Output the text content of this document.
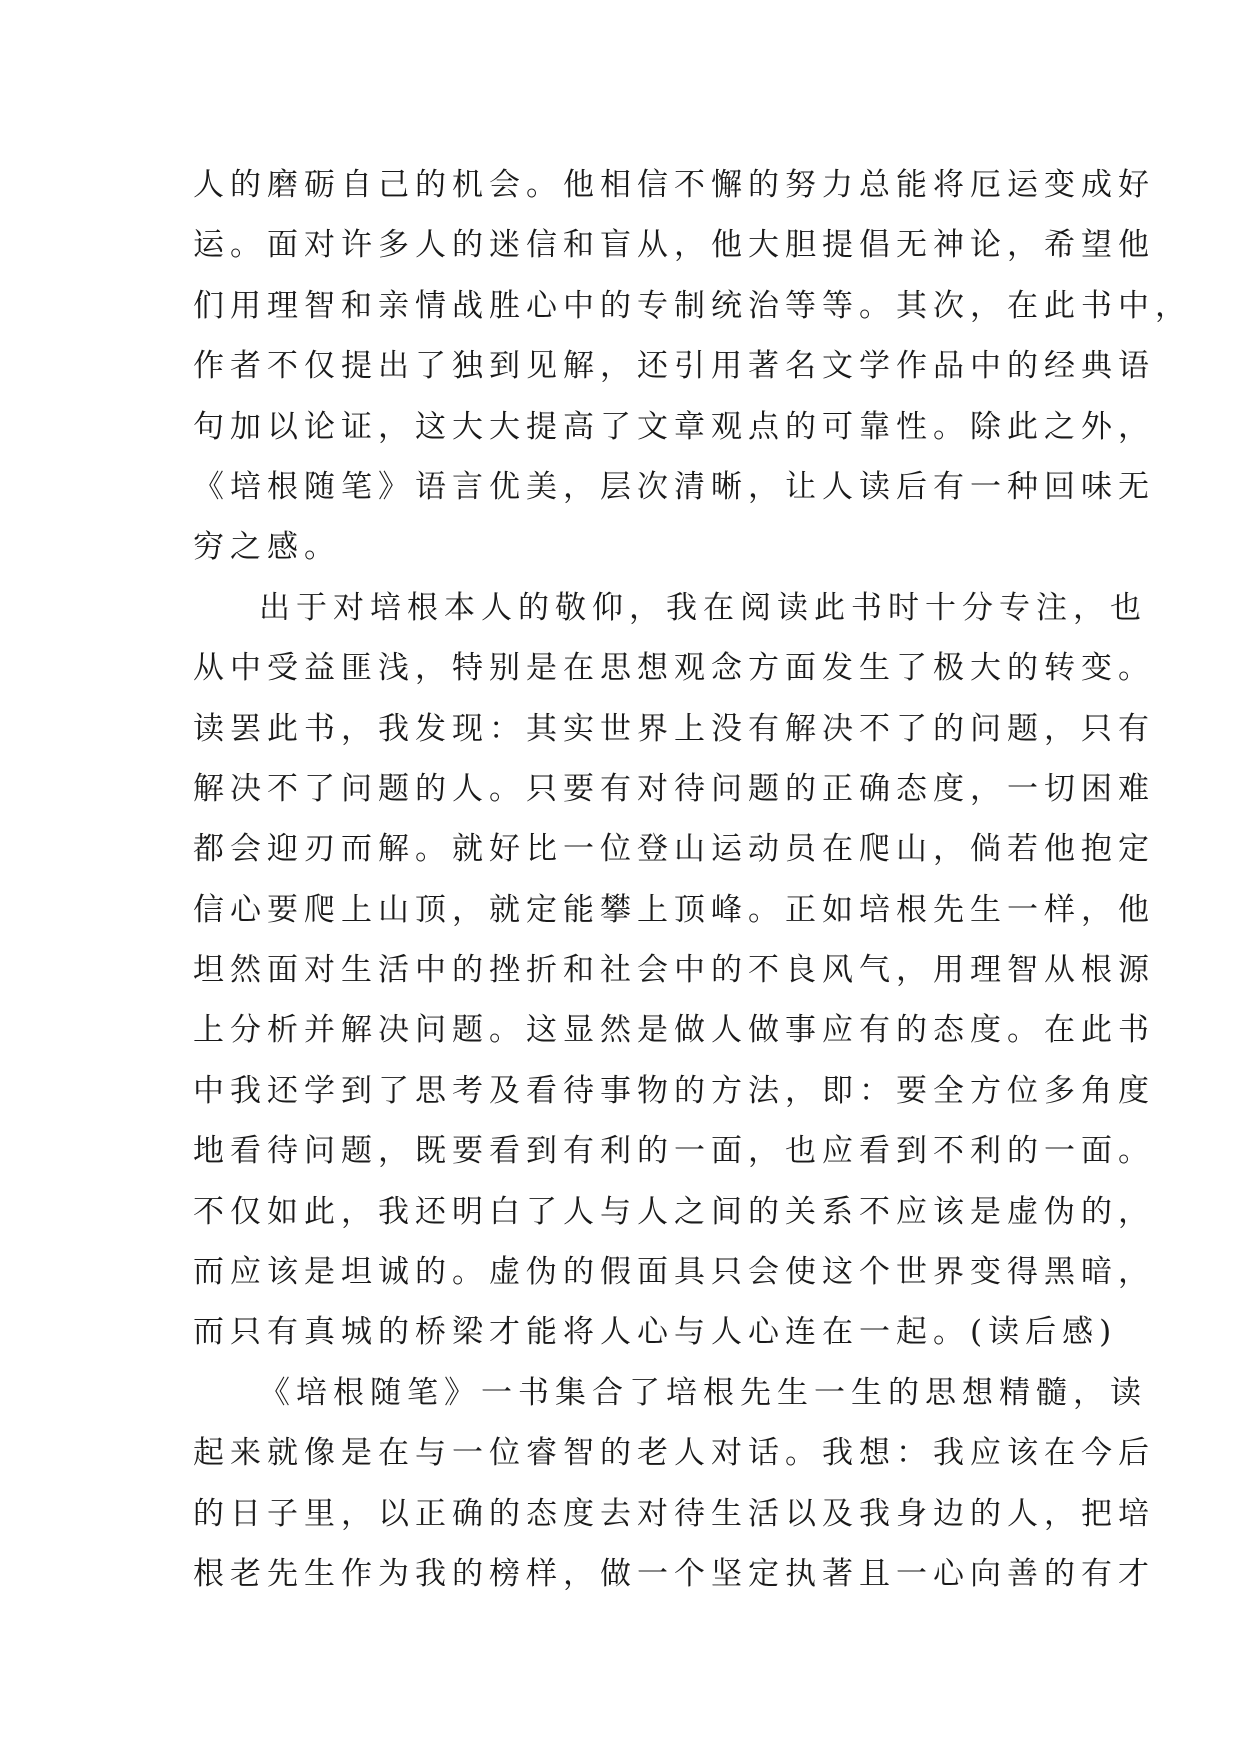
人的磨砺自己的机会。他相信不懈的努力总能将厄运变成好
运。面对许多人的迷信和盲从，他大胆提倡无神论，希望他
们用理智和亲情战胜心中的专制统治等等。其次，在此书中，
作者不仅提出了独到见解，还引用著名文学作品中的经典语
句加以论证，这大大提高了文章观点的可靠性。除此之外，
《培根随笔》语言优美，层次清晰，让人读后有一种回味无
穷之感。
出于对培根本人的敬仰，我在阅读此书时十分专注，也
从中受益匪浅，特别是在思想观念方面发生了极大的转变。
读罢此书，我发现：其实世界上没有解决不了的问题，只有
解决不了问题的人。只要有对待问题的正确态度，一切困难
都会迎刃而解。就好比一位登山运动员在爬山，倘若他抱定
信心要爬上山顶，就定能攀上顶峰。正如培根先生一样，他
坦然面对生活中的挫折和社会中的不良风气，用理智从根源
上分析并解决问题。这显然是做人做事应有的态度。在此书
中我还学到了思考及看待事物的方法，即：要全方位多角度
地看待问题，既要看到有利的一面，也应看到不利的一面。
不仅如此，我还明白了人与人之间的关系不应该是虚伪的，
而应该是坦诚的。虚伪的假面具只会使这个世界变得黑暗，
而只有真城的桥梁才能将人心与人心连在一起。(读后感)
《培根随笔》一书集合了培根先生一生的思想精髓，读
起来就像是在与一位睿智的老人对话。我想：我应该在今后
的日子里，以正确的态度去对待生活以及我身边的人，把培
根老先生作为我的榜样，做一个坚定执著且一心向善的有才
